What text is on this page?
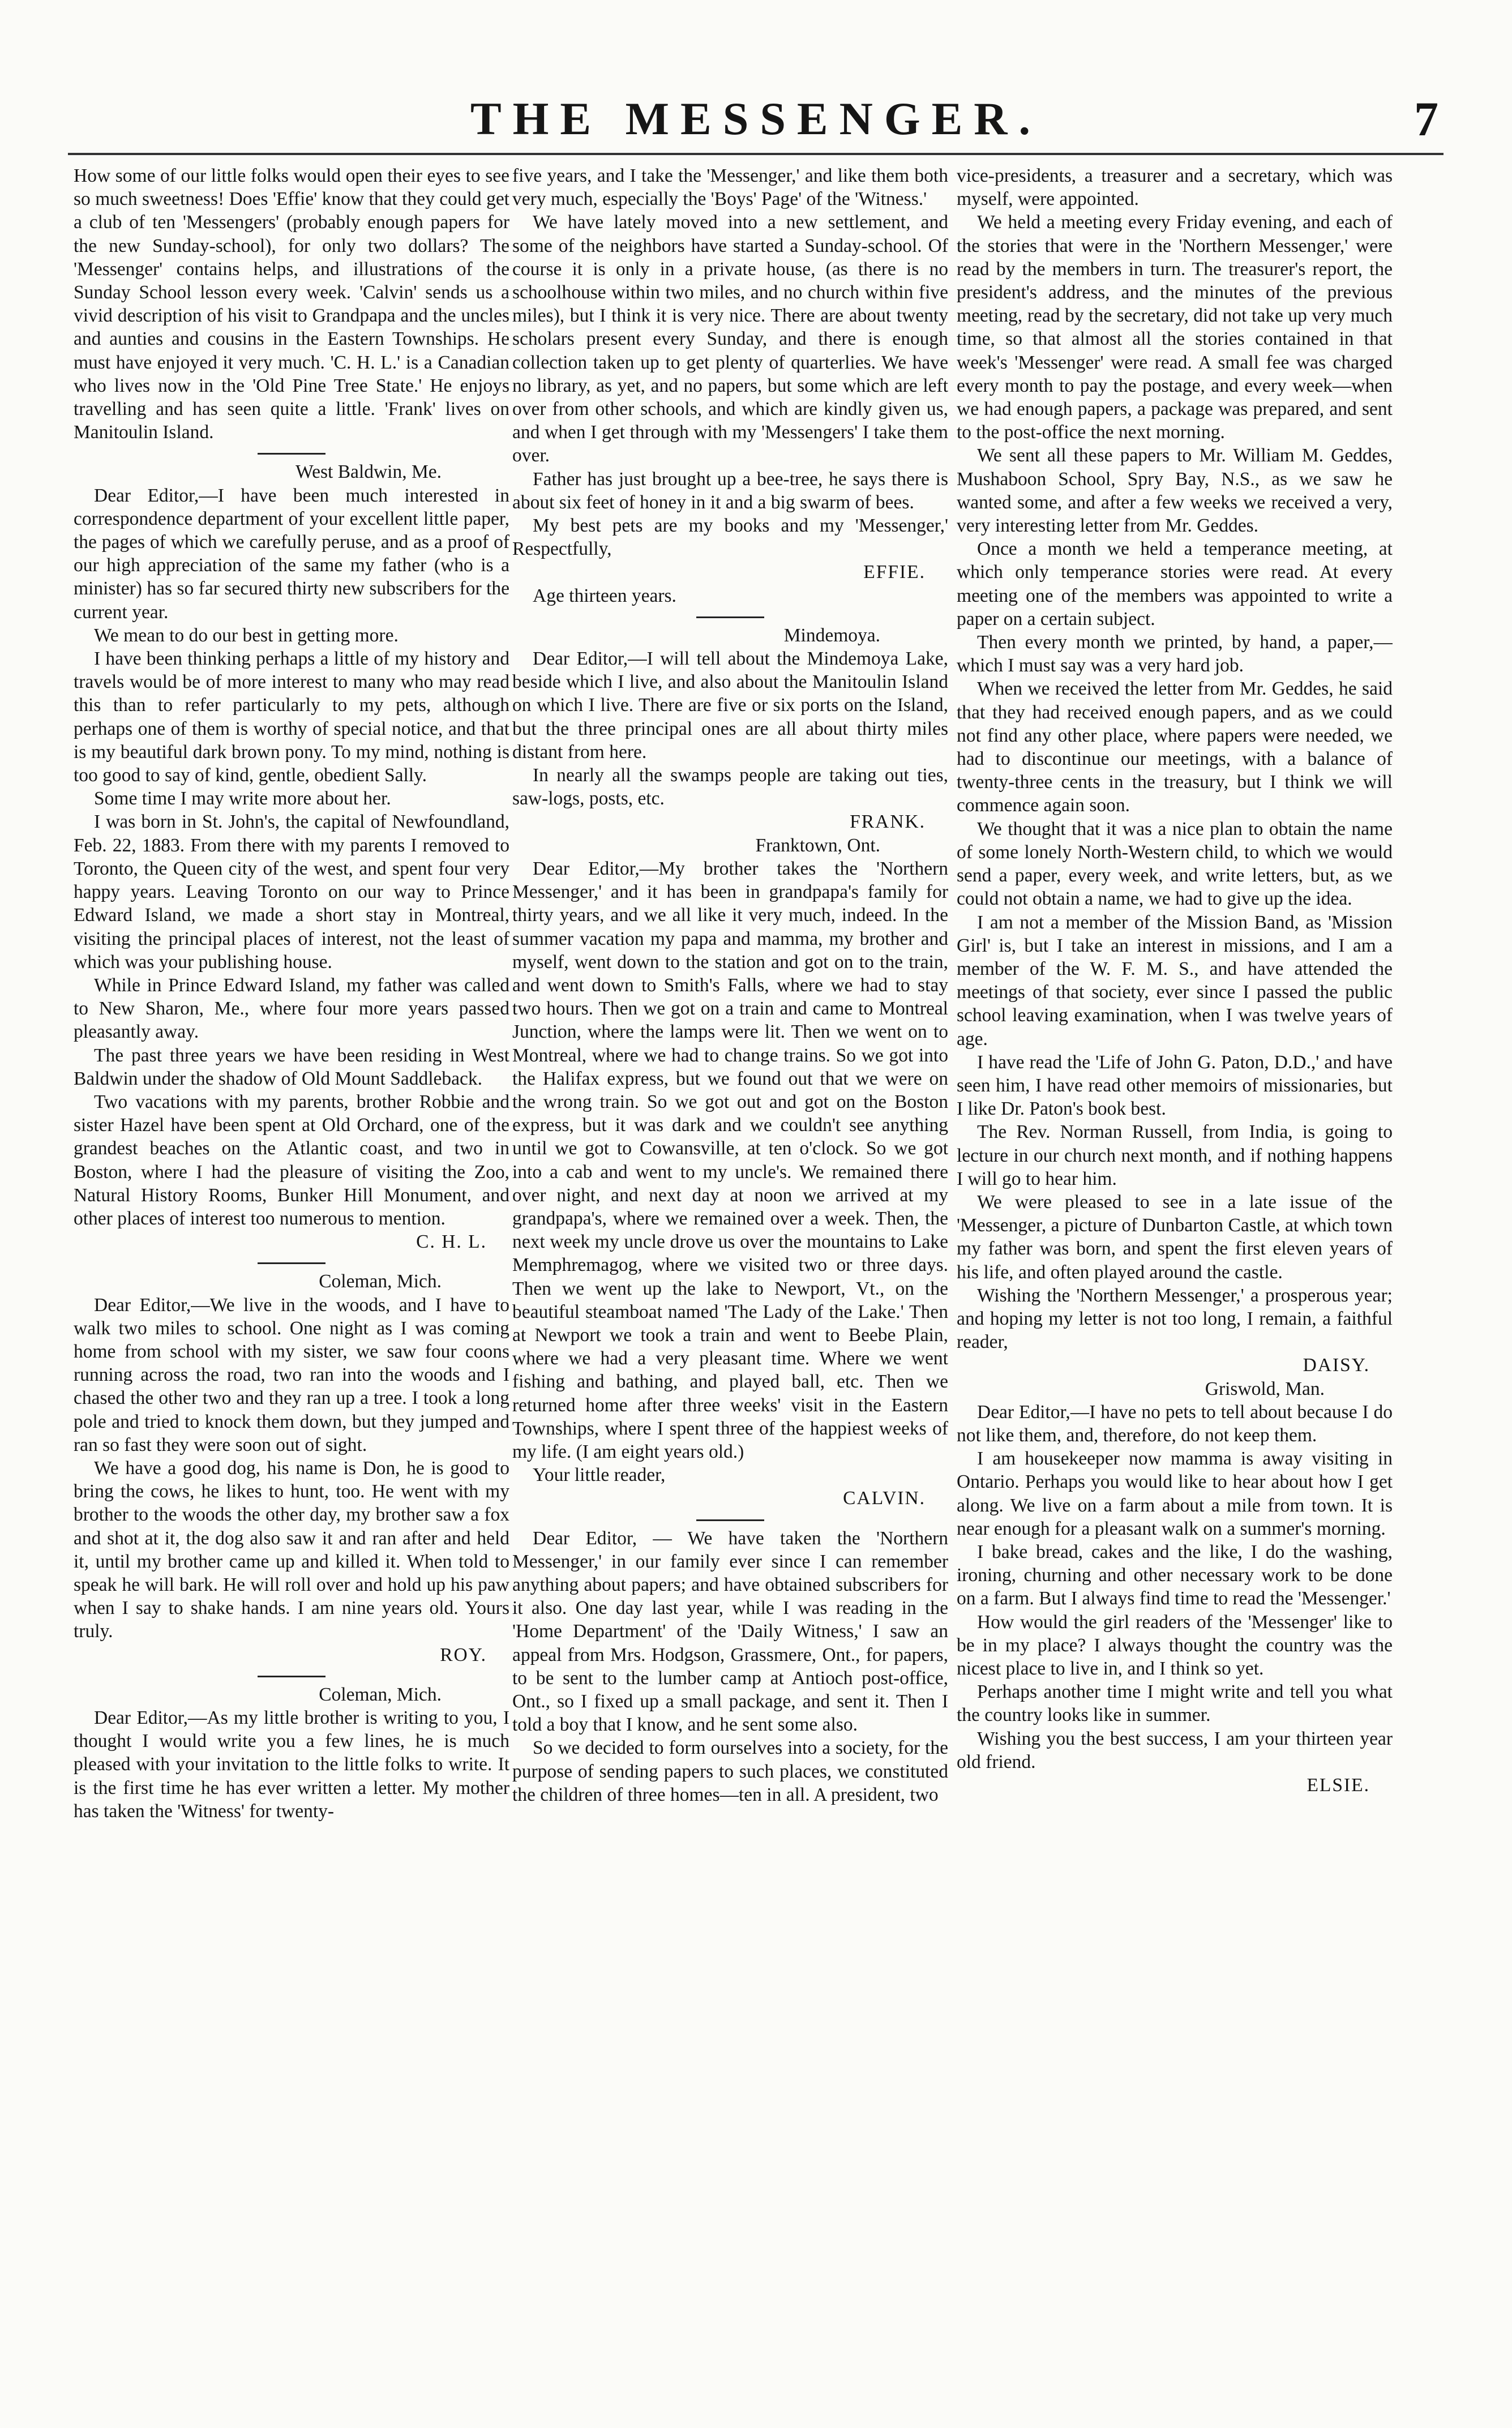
THE MESSENGER.	7

How some of our little folks would open their eyes to see so much sweetness! Does 'Effie' know that they could get a club of ten 'Messengers' (probably enough papers for the new Sunday-school), for only two dollars? The 'Messenger' contains helps, and illustrations of the Sunday School lesson every week. 'Calvin' sends us a vivid description of his visit to Grandpapa and the uncles and aunties and cousins in the Eastern Townships. He must have enjoyed it very much. 'C. H. L.' is a Canadian who lives now in the 'Old Pine Tree State.' He enjoys travelling and has seen quite a little. 'Frank' lives on Manitoulin Island.

West Baldwin, Me.

Dear Editor,—I have been much interested in correspondence department of your excellent little paper, the pages of which we carefully peruse, and as a proof of our high appreciation of the same my father (who is a minister) has so far secured thirty new subscribers for the current year.

We mean to do our best in getting more.

I have been thinking perhaps a little of my history and travels would be of more interest to many who may read this than to refer particularly to my pets, although perhaps one of them is worthy of special notice, and that is my beautiful dark brown pony. To my mind, nothing is too good to say of kind, gentle, obedient Sally.

Some time I may write more about her.

I was born in St. John's, the capital of Newfoundland, Feb. 22, 1883. From there with my parents I removed to Toronto, the Queen city of the west, and spent four very happy years. Leaving Toronto on our way to Prince Edward Island, we made a short stay in Montreal, visiting the principal places of interest, not the least of which was your publishing house.

While in Prince Edward Island, my father was called to New Sharon, Me., where four more years passed pleasantly away.

The past three years we have been residing in West Baldwin under the shadow of Old Mount Saddleback.

Two vacations with my parents, brother Robbie and sister Hazel have been spent at Old Orchard, one of the grandest beaches on the Atlantic coast, and two in Boston, where I had the pleasure of visiting the Zoo, Natural History Rooms, Bunker Hill Monument, and other places of interest too numerous to mention.

C. H. L.

Coleman, Mich.

Dear Editor,—We live in the woods, and I have to walk two miles to school. One night as I was coming home from school with my sister, we saw four coons running across the road, two ran into the woods and I chased the other two and they ran up a tree. I took a long pole and tried to knock them down, but they jumped and ran so fast they were soon out of sight.

We have a good dog, his name is Don, he is good to bring the cows, he likes to hunt, too. He went with my brother to the woods the other day, my brother saw a fox and shot at it, the dog also saw it and ran after and held it, until my brother came up and killed it. When told to speak he will bark. He will roll over and hold up his paw when I say to shake hands. I am nine years old. Yours truly.

ROY.

Coleman, Mich.

Dear Editor,—As my little brother is writing to you, I thought I would write you a few lines, he is much pleased with your invitation to the little folks to write. It is the first time he has ever written a letter. My mother has taken the 'Witness' for twenty-

five years, and I take the 'Messenger,' and like them both very much, especially the 'Boys' Page' of the 'Witness.'

We have lately moved into a new settlement, and some of the neighbors have started a Sunday-school. Of course it is only in a private house, (as there is no schoolhouse within two miles, and no church within five miles), but I think it is very nice. There are about twenty scholars present every Sunday, and there is enough collection taken up to get plenty of quarterlies. We have no library, as yet, and no papers, but some which are left over from other schools, and which are kindly given us, and when I get through with my 'Messengers' I take them over.

Father has just brought up a bee-tree, he says there is about six feet of honey in it and a big swarm of bees.

My best pets are my books and my 'Messenger,' Respectfully,

EFFIE.

Age thirteen years.

Mindemoya.

Dear Editor,—I will tell about the Mindemoya Lake, beside which I live, and also about the Manitoulin Island on which I live. There are five or six ports on the Island, but the three principal ones are all about thirty miles distant from here.

In nearly all the swamps people are taking out ties, saw-logs, posts, etc.

FRANK.

Franktown, Ont.

Dear Editor,—My brother takes the 'Northern Messenger,' and it has been in grandpapa's family for thirty years, and we all like it very much, indeed. In the summer vacation my papa and mamma, my brother and myself, went down to the station and got on to the train, and went down to Smith's Falls, where we had to stay two hours. Then we got on a train and came to Montreal Junction, where the lamps were lit. Then we went on to Montreal, where we had to change trains. So we got into the Halifax express, but we found out that we were on the wrong train. So we got out and got on the Boston express, but it was dark and we couldn't see anything until we got to Cowansville, at ten o'clock. So we got into a cab and went to my uncle's. We remained there over night, and next day at noon we arrived at my grandpapa's, where we remained over a week. Then, the next week my uncle drove us over the mountains to Lake Memphremagog, where we visited two or three days. Then we went up the lake to Newport, Vt., on the beautiful steamboat named 'The Lady of the Lake.' Then at Newport we took a train and went to Beebe Plain, where we had a very pleasant time. Where we went fishing and bathing, and played ball, etc. Then we returned home after three weeks' visit in the Eastern Townships, where I spent three of the happiest weeks of my life. (I am eight years old.)

Your little reader,

CALVIN.

Dear Editor, — We have taken the 'Northern Messenger,' in our family ever since I can remember anything about papers; and have obtained subscribers for it also. One day last year, while I was reading in the 'Home Department' of the 'Daily Witness,' I saw an appeal from Mrs. Hodgson, Grassmere, Ont., for papers, to be sent to the lumber camp at Antioch post-office, Ont., so I fixed up a small package, and sent it. Then I told a boy that I know, and he sent some also.

So we decided to form ourselves into a society, for the purpose of sending papers to such places, we constituted the children of three homes—ten in all. A president, two

vice-presidents, a treasurer and a secretary, which was myself, were appointed.

We held a meeting every Friday evening, and each of the stories that were in the 'Northern Messenger,' were read by the members in turn. The treasurer's report, the president's address, and the minutes of the previous meeting, read by the secretary, did not take up very much time, so that almost all the stories contained in that week's 'Messenger' were read. A small fee was charged every month to pay the postage, and every week—when we had enough papers, a package was prepared, and sent to the post-office the next morning.

We sent all these papers to Mr. William M. Geddes, Mushaboon School, Spry Bay, N.S., as we saw he wanted some, and after a few weeks we received a very, very interesting letter from Mr. Geddes.

Once a month we held a temperance meeting, at which only temperance stories were read. At every meeting one of the members was appointed to write a paper on a certain subject.

Then every month we printed, by hand, a paper,—which I must say was a very hard job.

When we received the letter from Mr. Geddes, he said that they had received enough papers, and as we could not find any other place, where papers were needed, we had to discontinue our meetings, with a balance of twenty-three cents in the treasury, but I think we will commence again soon.

We thought that it was a nice plan to obtain the name of some lonely North-Western child, to which we would send a paper, every week, and write letters, but, as we could not obtain a name, we had to give up the idea.

I am not a member of the Mission Band, as 'Mission Girl' is, but I take an interest in missions, and I am a member of the W. F. M. S., and have attended the meetings of that society, ever since I passed the public school leaving examination, when I was twelve years of age.

I have read the 'Life of John G. Paton, D.D.,' and have seen him, I have read other memoirs of missionaries, but I like Dr. Paton's book best.

The Rev. Norman Russell, from India, is going to lecture in our church next month, and if nothing happens I will go to hear him.

We were pleased to see in a late issue of the 'Messenger, a picture of Dunbarton Castle, at which town my father was born, and spent the first eleven years of his life, and often played around the castle.

Wishing the 'Northern Messenger,' a prosperous year; and hoping my letter is not too long, I remain, a faithful reader,

DAISY.

Griswold, Man.

Dear Editor,—I have no pets to tell about because I do not like them, and, therefore, do not keep them.

I am housekeeper now mamma is away visiting in Ontario. Perhaps you would like to hear about how I get along. We live on a farm about a mile from town. It is near enough for a pleasant walk on a summer's morning.

I bake bread, cakes and the like, I do the washing, ironing, churning and other necessary work to be done on a farm. But I always find time to read the 'Messenger.'

How would the girl readers of the 'Messenger' like to be in my place? I always thought the country was the nicest place to live in, and I think so yet.

Perhaps another time I might write and tell you what the country looks like in summer.

Wishing you the best success, I am your thirteen year old friend.

ELSIE.
